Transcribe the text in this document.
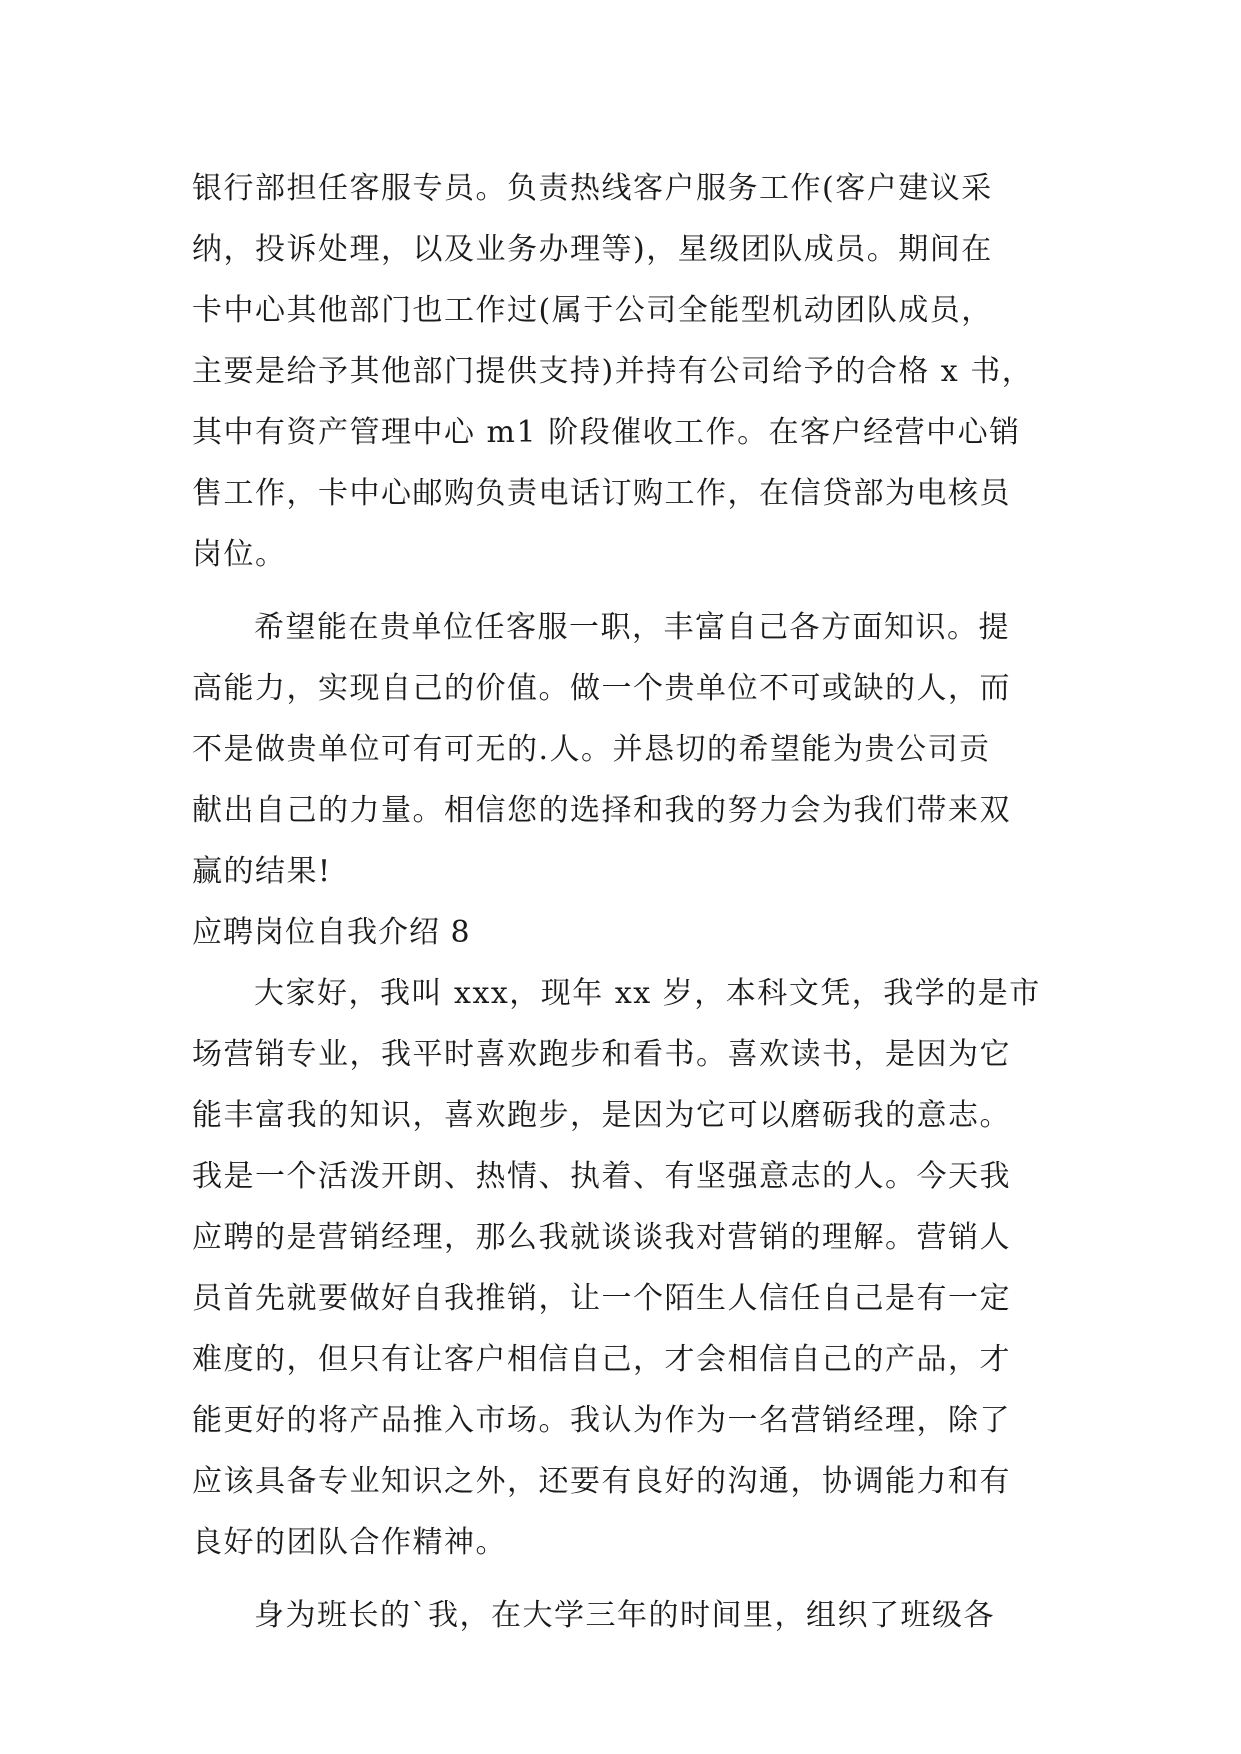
银行部担任客服专员。负责热线客户服务工作(客户建议采
纳，投诉处理，以及业务办理等)，星级团队成员。期间在
卡中心其他部门也工作过(属于公司全能型机动团队成员，
主要是给予其他部门提供支持)并持有公司给予的合格 x 书，
其中有资产管理中心 m1 阶段催收工作。在客户经营中心销
售工作，卡中心邮购负责电话订购工作，在信贷部为电核员
岗位。
希望能在贵单位任客服一职，丰富自己各方面知识。提
高能力，实现自己的价值。做一个贵单位不可或缺的人，而
不是做贵单位可有可无的.人。并恳切的希望能为贵公司贡
献出自己的力量。相信您的选择和我的努力会为我们带来双
赢的结果!
应聘岗位自我介绍 8
大家好，我叫 xxx，现年 xx 岁，本科文凭，我学的是市
场营销专业，我平时喜欢跑步和看书。喜欢读书，是因为它
能丰富我的知识，喜欢跑步，是因为它可以磨砺我的意志。
我是一个活泼开朗、热情、执着、有坚强意志的人。今天我
应聘的是营销经理，那么我就谈谈我对营销的理解。营销人
员首先就要做好自我推销，让一个陌生人信任自己是有一定
难度的，但只有让客户相信自己，才会相信自己的产品，才
能更好的将产品推入市场。我认为作为一名营销经理，除了
应该具备专业知识之外，还要有良好的沟通，协调能力和有
良好的团队合作精神。
身为班长的`我，在大学三年的时间里，组织了班级各
